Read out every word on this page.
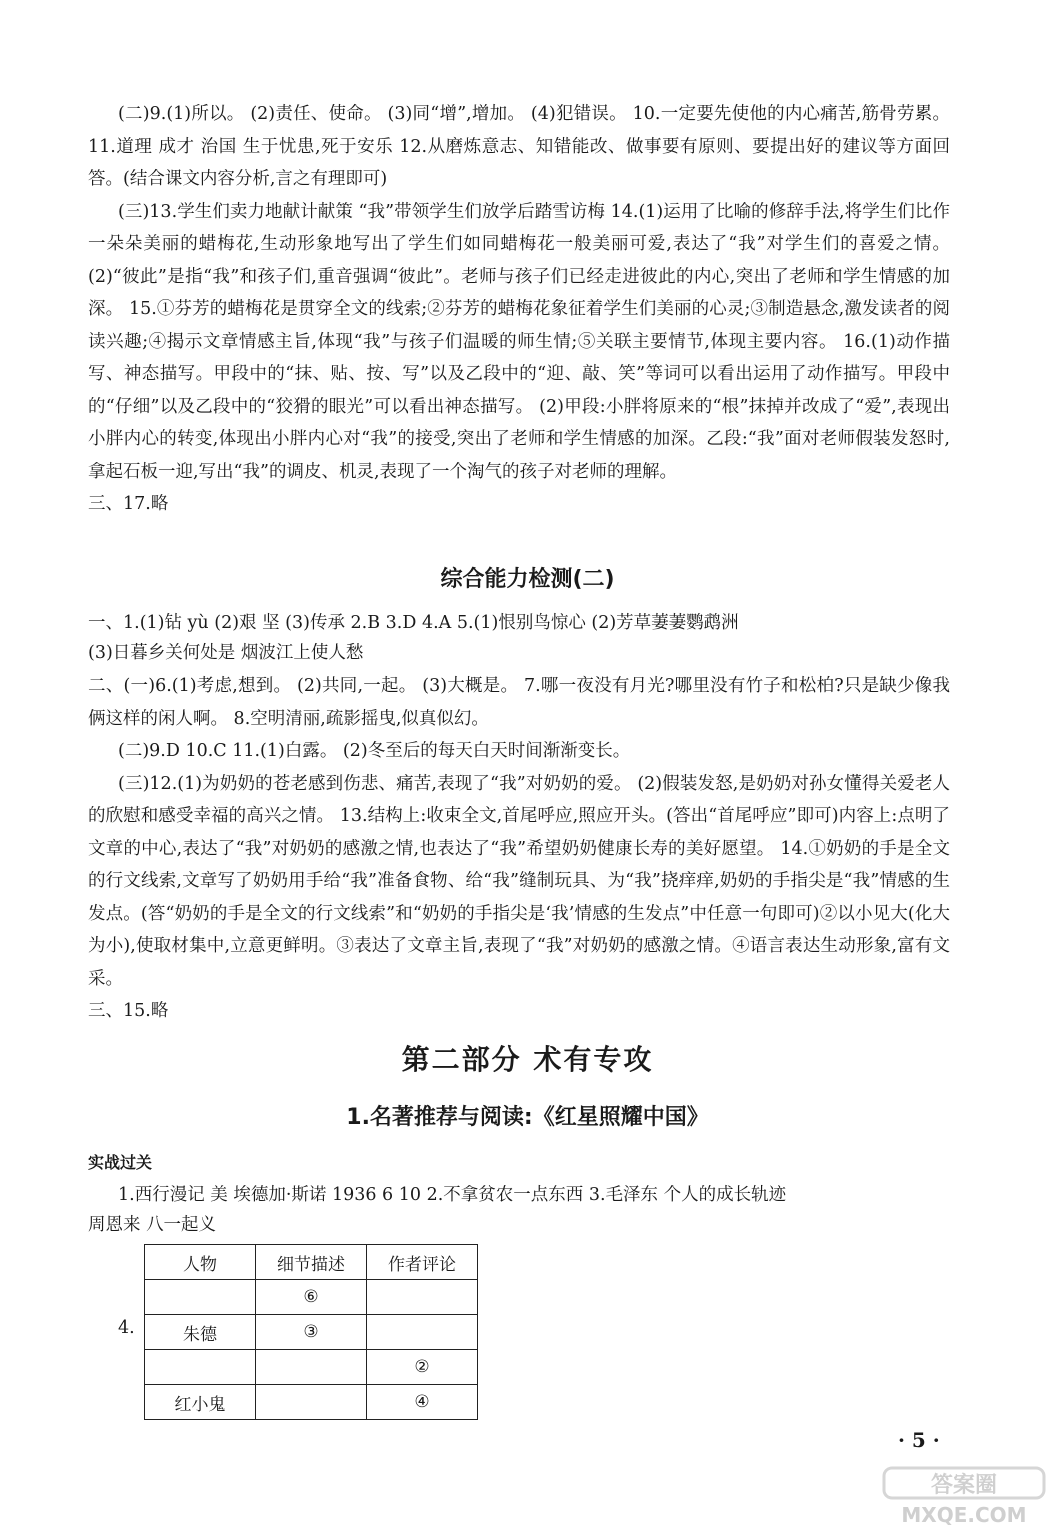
(二)9.(1)所以。 (2)责任、使命。 (3)同“增”,增加。 (4)犯错误。 10.一定要先使他的内心痛苦,筋骨劳累。 11.道理 成才 治国 生于忧患,死于安乐 12.从磨炼意志、知错能改、做事要有原则、要提出好的建议等方面回答。(结合课文内容分析,言之有理即可)

(三)13.学生们卖力地献计献策 “我”带领学生们放学后踏雪访梅 14.(1)运用了比喻的修辞手法,将学生们比作一朵朵美丽的蜡梅花,生动形象地写出了学生们如同蜡梅花一般美丽可爱,表达了“我”对学生们的喜爱之情。 (2)“彼此”是指“我”和孩子们,重音强调“彼此”。老师与孩子们已经走进彼此的内心,突出了老师和学生情感的加深。 15.①芬芳的蜡梅花是贯穿全文的线索;②芬芳的蜡梅花象征着学生们美丽的心灵;③制造悬念,激发读者的阅读兴趣;④揭示文章情感主旨,体现“我”与孩子们温暖的师生情;⑤关联主要情节,体现主要内容。 16.(1)动作描写、神态描写。甲段中的“抹、贴、按、写”以及乙段中的“迎、敲、笑”等词可以看出运用了动作描写。甲段中的“仔细”以及乙段中的“狡猾的眼光”可以看出神态描写。 (2)甲段:小胖将原来的“根”抹掉并改成了“爱”,表现出小胖内心的转变,体现出小胖内心对“我”的接受,突出了老师和学生情感的加深。乙段:“我”面对老师假装发怒时,拿起石板一迎,写出“我”的调皮、机灵,表现了一个淘气的孩子对老师的理解。

三、17.略

综合能力检测(二)
一、1.(1)钻 yù (2)艰 坚 (3)传承 2.B 3.D 4.A 5.(1)恨别鸟惊心 (2)芳草萋萋鹦鹉洲
(3)日暮乡关何处是 烟波江上使人愁

二、(一)6.(1)考虑,想到。 (2)共同,一起。 (3)大概是。 7.哪一夜没有月光?哪里没有竹子和松柏?只是缺少像我俩这样的闲人啊。 8.空明清丽,疏影摇曳,似真似幻。

(二)9.D 10.C 11.(1)白露。 (2)冬至后的每天白天时间渐渐变长。

(三)12.(1)为奶奶的苍老感到伤悲、痛苦,表现了“我”对奶奶的爱。 (2)假装发怒,是奶奶对孙女懂得关爱老人的欣慰和感受幸福的高兴之情。 13.结构上:收束全文,首尾呼应,照应开头。(答出“首尾呼应”即可)内容上:点明了文章的中心,表达了“我”对奶奶的感激之情,也表达了“我”希望奶奶健康长寿的美好愿望。 14.①奶奶的手是全文的行文线索,文章写了奶奶用手给“我”准备食物、给“我”缝制玩具、为“我”挠痒痒,奶奶的手指尖是“我”情感的生发点。(答“奶奶的手是全文的行文线索”和“奶奶的手指尖是‘我’情感的生发点”中任意一句即可)②以小见大(化大为小),使取材集中,立意更鲜明。③表达了文章主旨,表现了“我”对奶奶的感激之情。④语言表达生动形象,富有文采。

三、15.略

第二部分 术有专攻
1.名著推荐与阅读:《红星照耀中国》
实战过关
1.西行漫记 美 埃德加·斯诺 1936 6 10 2.不拿贫农一点东西 3.毛泽东 个人的成长轨迹
周恩来 八一起义
4.
人物	细节描述	作者评论
	⑥	
朱德	③	
		②
红小鬼		④
· 5 ·
答案圈
MXQE.COM
